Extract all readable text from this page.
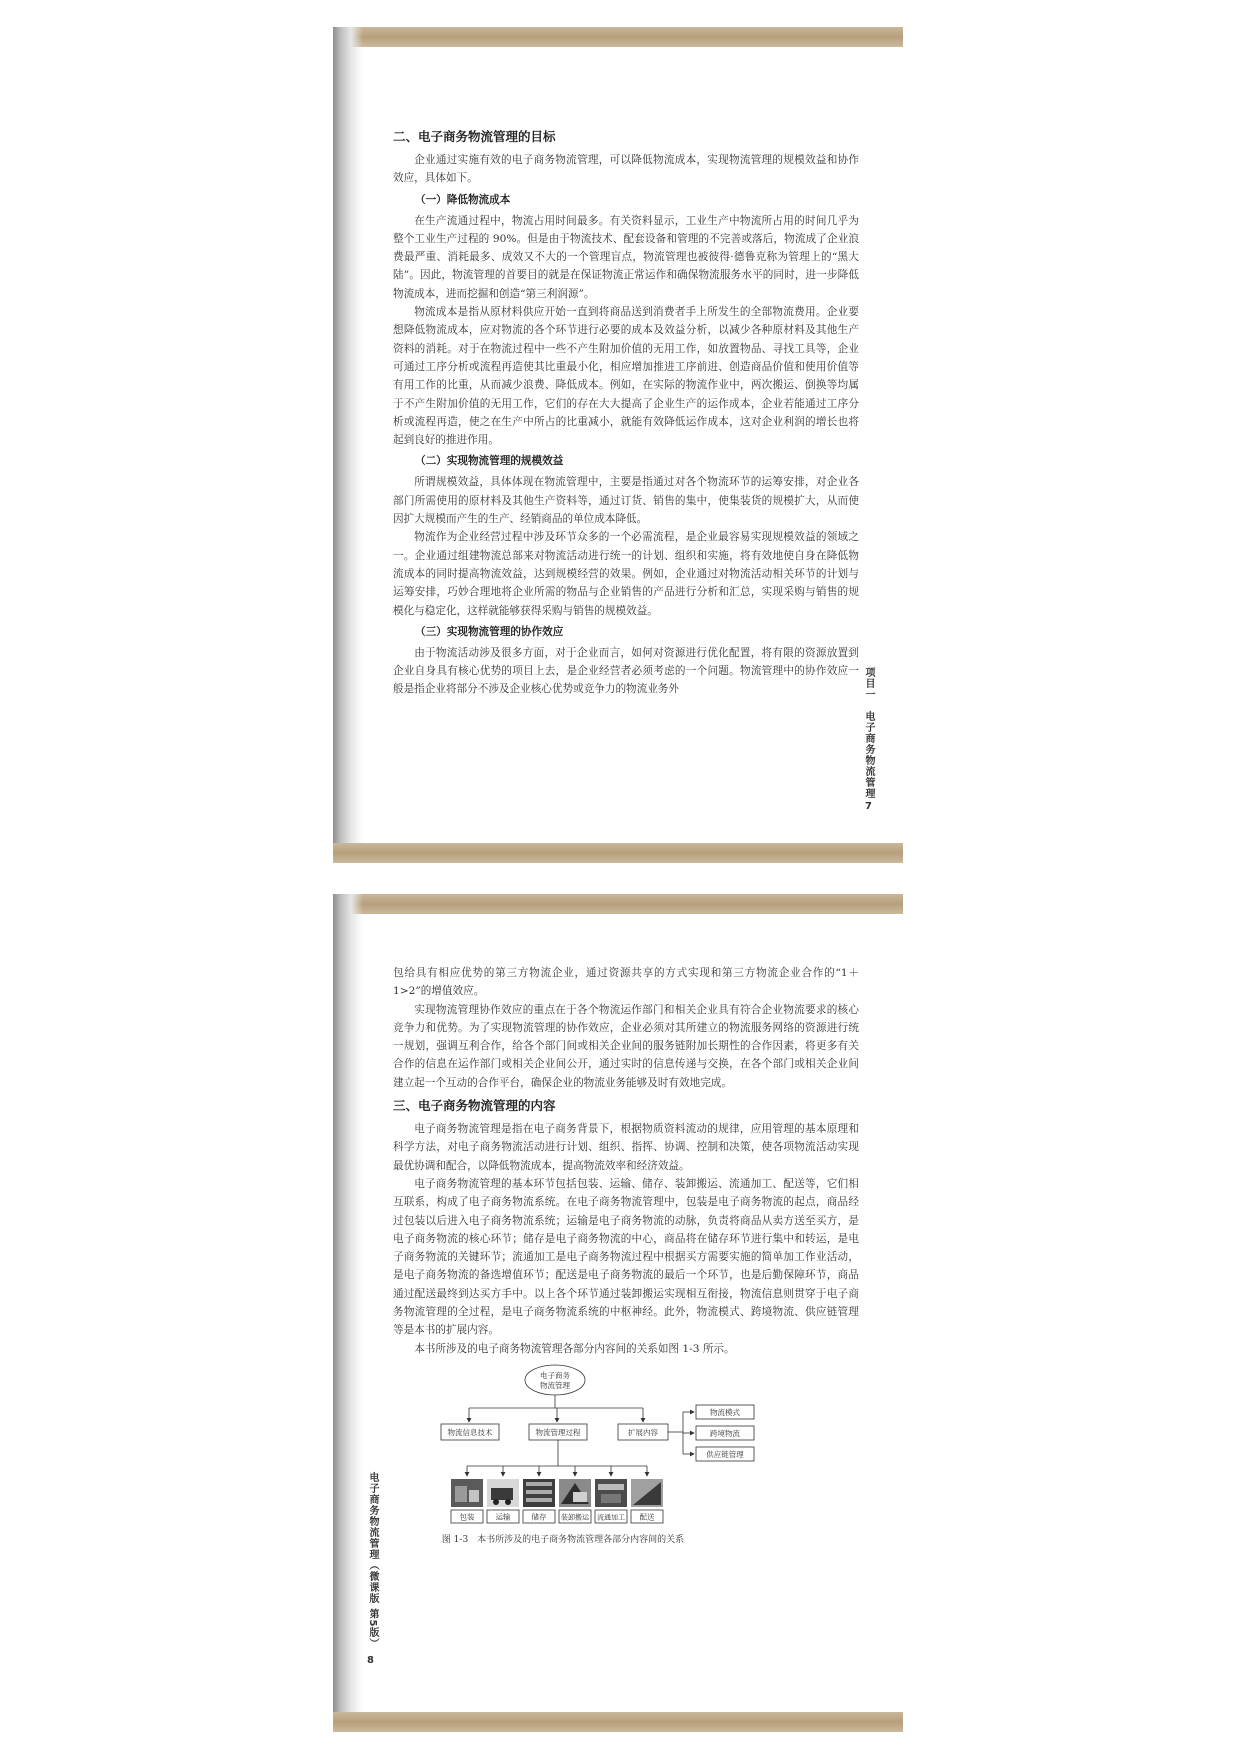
二、电子商务物流管理的目标

企业通过实施有效的电子商务物流管理，可以降低物流成本，实现物流管理的规模效益和协作效应，具体如下。

（一）降低物流成本

在生产流通过程中，物流占用时间最多。有关资料显示，工业生产中物流所占用的时间几乎为整个工业生产过程的 90%。但是由于物流技术、配套设备和管理的不完善或落后，物流成了企业浪费最严重、消耗最多、成效又不大的一个管理盲点，物流管理也被彼得·德鲁克称为管理上的“黑大陆”。因此，物流管理的首要目的就是在保证物流正常运作和确保物流服务水平的同时，进一步降低物流成本，进而挖掘和创造“第三利润源”。

物流成本是指从原材料供应开始一直到将商品送到消费者手上所发生的全部物流费用。企业要想降低物流成本，应对物流的各个环节进行必要的成本及效益分析，以减少各种原材料及其他生产资料的消耗。对于在物流过程中一些不产生附加价值的无用工作，如放置物品、寻找工具等，企业可通过工序分析或流程再造使其比重最小化，相应增加推进工序前进、创造商品价值和使用价值等有用工作的比重，从而减少浪费、降低成本。例如，在实际的物流作业中，两次搬运、倒换等均属于不产生附加价值的无用工作，它们的存在大大提高了企业生产的运作成本，企业若能通过工序分析或流程再造，使之在生产中所占的比重减小，就能有效降低运作成本，这对企业利润的增长也将起到良好的推进作用。

（二）实现物流管理的规模效益

所谓规模效益，具体体现在物流管理中，主要是指通过对各个物流环节的运筹安排，对企业各部门所需使用的原材料及其他生产资料等，通过订货、销售的集中，使集装货的规模扩大，从而使因扩大规模而产生的生产、经销商品的单位成本降低。

物流作为企业经营过程中涉及环节众多的一个必需流程，是企业最容易实现规模效益的领域之一。企业通过组建物流总部来对物流活动进行统一的计划、组织和实施，将有效地使自身在降低物流成本的同时提高物流效益，达到规模经营的效果。例如，企业通过对物流活动相关环节的计划与运筹安排，巧妙合理地将企业所需的物品与企业销售的产品进行分析和汇总，实现采购与销售的规模化与稳定化，这样就能够获得采购与销售的规模效益。

（三）实现物流管理的协作效应

由于物流活动涉及很多方面，对于企业而言，如何对资源进行优化配置，将有限的资源放置到企业自身具有核心优势的项目上去，是企业经营者必须考虑的一个问题。物流管理中的协作效应一般是指企业将部分不涉及企业核心优势或竞争力的物流业务外	项目一　电子商务物流管理
7

包给具有相应优势的第三方物流企业，通过资源共享的方式实现和第三方物流企业合作的“1＋1>2”的增值效应。

实现物流管理协作效应的重点在于各个物流运作部门和相关企业具有符合企业物流要求的核心竞争力和优势。为了实现物流管理的协作效应，企业必须对其所建立的物流服务网络的资源进行统一规划，强调互利合作，给各个部门间或相关企业间的服务链附加长期性的合作因素，将更多有关合作的信息在运作部门或相关企业间公开，通过实时的信息传递与交换，在各个部门或相关企业间建立起一个互动的合作平台，确保企业的物流业务能够及时有效地完成。

三、电子商务物流管理的内容

电子商务物流管理是指在电子商务背景下，根据物质资料流动的规律，应用管理的基本原理和科学方法，对电子商务物流活动进行计划、组织、指挥、协调、控制和决策，使各项物流活动实现最优协调和配合，以降低物流成本，提高物流效率和经济效益。

电子商务物流管理的基本环节包括包装、运输、储存、装卸搬运、流通加工、配送等，它们相互联系，构成了电子商务物流系统。在电子商务物流管理中，包装是电子商务物流的起点，商品经过包装以后进入电子商务物流系统；运输是电子商务物流的动脉，负责将商品从卖方送至买方，是电子商务物流的核心环节；储存是电子商务物流的中心，商品将在储存环节进行集中和转运，是电子商务物流的关键环节；流通加工是电子商务物流过程中根据买方需要实施的简单加工作业活动，是电子商务物流的备选增值环节；配送是电子商务物流的最后一个环节，也是后勤保障环节，商品通过配送最终到达买方手中。以上各个环节通过装卸搬运实现相互衔接，物流信息则贯穿于电子商务物流管理的全过程，是电子商务物流系统的中枢神经。此外，物流模式、跨境物流、供应链管理等是本书的扩展内容。

本书所涉及的电子商务物流管理各部分内容间的关系如图 1-3 所示。

电子商务
物流管理
物流信息技术	物流管理过程	扩展内容
物流模式
跨境物流
供应链管理
包装	运输	储存 装卸搬运 流通加工 配送
图 1-3　本书所涉及的电子商务物流管理各部分内容间的关系
电子商务物流管理（微课版 第5版）
8
